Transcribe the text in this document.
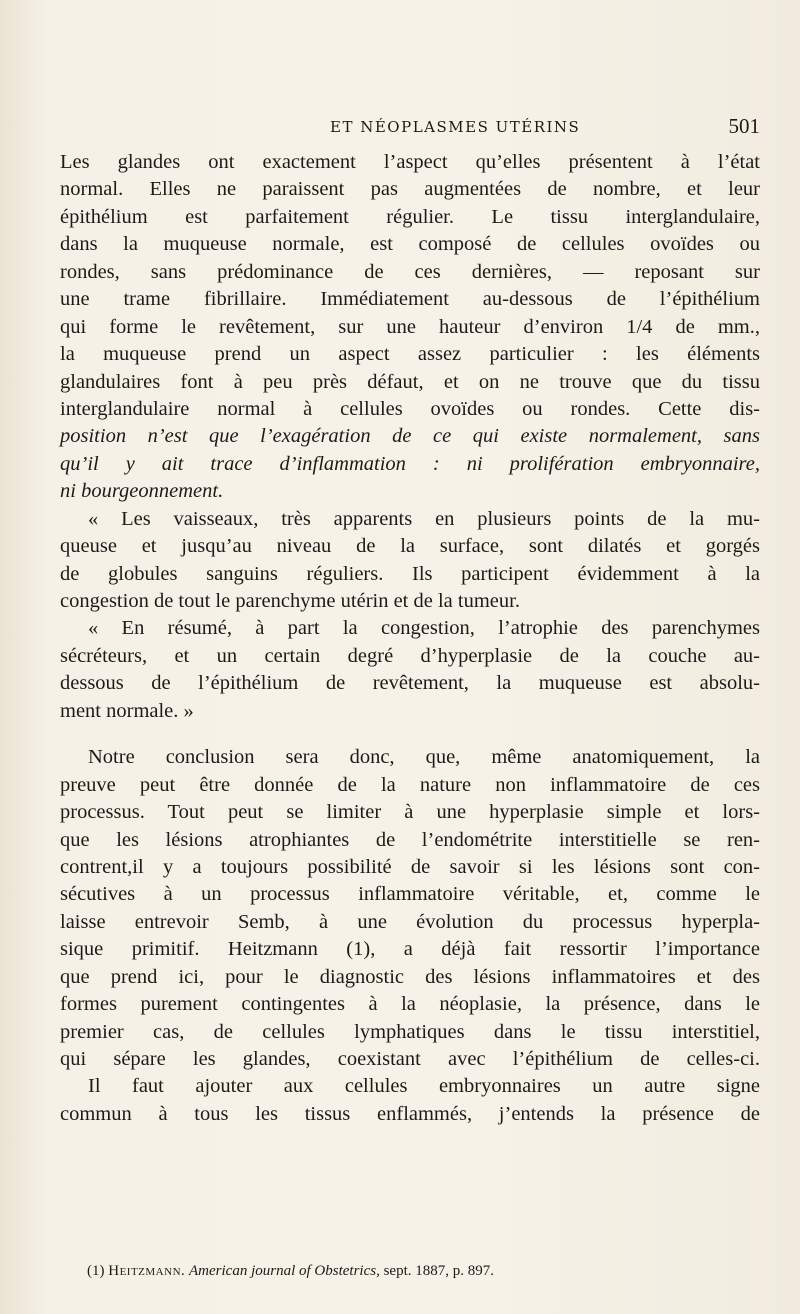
ET NÉOPLASMES UTÉRINS	501
Les glandes ont exactement l’aspect qu’elles présentent à l’état
normal. Elles ne paraissent pas augmentées de nombre, et leur
épithélium est parfaitement régulier. Le tissu interglandulaire,
dans la muqueuse normale, est composé de cellules ovoïdes ou
rondes, sans prédominance de ces dernières, — reposant sur
une trame fibrillaire. Immédiatement au-dessous de l’épithélium
qui forme le revêtement, sur une hauteur d’environ 1/4 de mm.,
la muqueuse prend un aspect assez particulier : les éléments
glandulaires font à peu près défaut, et on ne trouve que du tissu
interglandulaire normal à cellules ovoïdes ou rondes. Cette dis-
position n’est que l’exagération de ce qui existe normalement, sans
qu’il y ait trace d’inflammation : ni prolifération embryonnaire,
ni bourgeonnement.
« Les vaisseaux, très apparents en plusieurs points de la mu-
queuse et jusqu’au niveau de la surface, sont dilatés et gorgés
de globules sanguins réguliers. Ils participent évidemment à la
congestion de tout le parenchyme utérin et de la tumeur.
« En résumé, à part la congestion, l’atrophie des parenchymes
sécréteurs, et un certain degré d’hyperplasie de la couche au-
dessous de l’épithélium de revêtement, la muqueuse est absolu-
ment normale. »
Notre conclusion sera donc, que, même anatomiquement, la
preuve peut être donnée de la nature non inflammatoire de ces
processus. Tout peut se limiter à une hyperplasie simple et lors-
que les lésions atrophiantes de l’endométrite interstitielle se ren-
contrent,il y a toujours possibilité de savoir si les lésions sont con-
sécutives à un processus inflammatoire véritable, et, comme le
laisse entrevoir Semb, à une évolution du processus hyperpla-
sique primitif. Heitzmann (1), a déjà fait ressortir l’importance
que prend ici, pour le diagnostic des lésions inflammatoires et des
formes purement contingentes à la néoplasie, la présence, dans le
premier cas, de cellules lymphatiques dans le tissu interstitiel,
qui sépare les glandes, coexistant avec l’épithélium de celles-ci.
Il faut ajouter aux cellules embryonnaires un autre signe
commun à tous les tissus enflammés, j’entends la présence de
(1) Heitzmann. American journal of Obstetrics, sept. 1887, p. 897.
